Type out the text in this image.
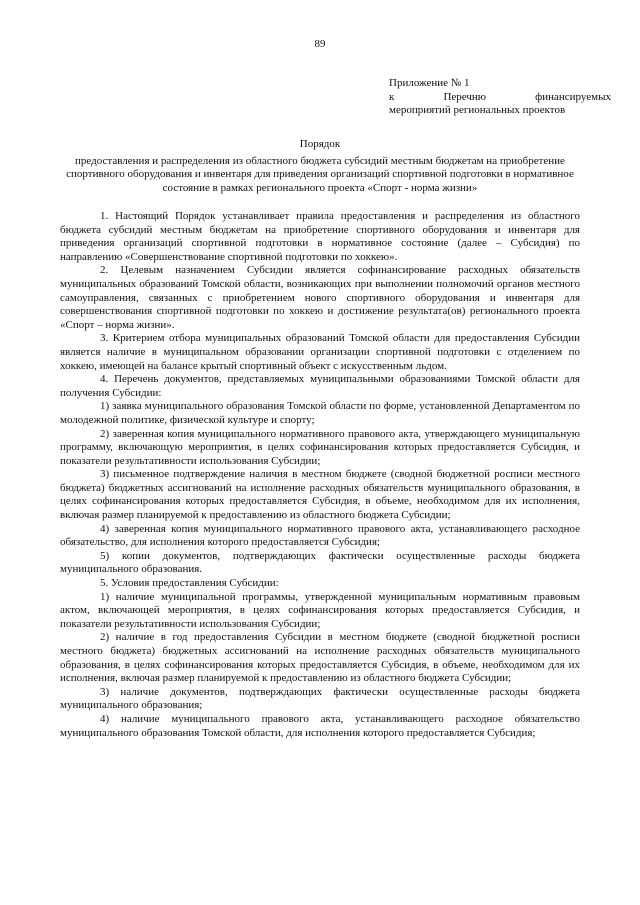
89
Приложение № 1
к	Перечню	финансируемых
мероприятий региональных проектов
Порядок
предоставления и распределения из областного бюджета субсидий местным бюджетам на приобретение спортивного оборудования и инвентаря для приведения организаций спортивной подготовки в нормативное состояние в рамках регионального проекта «Спорт - норма жизни»

1. Настоящий Порядок устанавливает правила предоставления и распределения из областного бюджета субсидий местным бюджетам на приобретение спортивного оборудования и инвентаря для приведения организаций спортивной подготовки в нормативное состояние (далее – Субсидия) по направлению «Совершенствование спортивной подготовки по хоккею».

2. Целевым назначением Субсидии является софинансирование расходных обязательств муниципальных образований Томской области, возникающих при выполнении полномочий органов местного самоуправления, связанных с приобретением нового спортивного оборудования и инвентаря для совершенствования спортивной подготовки по хоккею и достижение результата(ов) регионального проекта «Спорт – норма жизни».

3. Критерием отбора муниципальных образований Томской области для предоставления Субсидии является наличие в муниципальном образовании организации спортивной подготовки с отделением по хоккею, имеющей на балансе крытый спортивный объект с искусственным льдом.

4. Перечень документов, представляемых муниципальными образованиями Томской области для получения Субсидии:

1) заявка муниципального образования Томской области по форме, установленной Департаментом по молодежной политике, физической культуре и спорту;

2) заверенная копия муниципального нормативного правового акта, утверждающего муниципальную программу, включающую мероприятия, в целях софинансирования которых предоставляется Субсидия, и показатели результативности использования Субсидии;

3) письменное подтверждение наличия в местном бюджете (сводной бюджетной росписи местного бюджета) бюджетных ассигнований на исполнение расходных обязательств муниципального образования, в целях софинансирования которых предоставляется Субсидия, в объеме, необходимом для их исполнения, включая размер планируемой к предоставлению из областного бюджета Субсидии;

4) заверенная копия муниципального нормативного правового акта, устанавливающего расходное обязательство, для исполнения которого предоставляется Субсидия;

5) копии документов, подтверждающих фактически осуществленные расходы бюджета муниципального образования.

5. Условия предоставления Субсидии:

1) наличие муниципальной программы, утвержденной муниципальным нормативным правовым актом, включающей мероприятия, в целях софинансирования которых предоставляется Субсидия, и показатели результативности использования Субсидии;

2) наличие в год предоставления Субсидии в местном бюджете (сводной бюджетной росписи местного бюджета) бюджетных ассигнований на исполнение расходных обязательств муниципального образования, в целях софинансирования которых предоставляется Субсидия, в объеме, необходимом для их исполнения, включая размер планируемой к предоставлению из областного бюджета Субсидии;

3) наличие документов, подтверждающих фактически осуществленные расходы бюджета муниципального образования;

4) наличие муниципального правового акта, устанавливающего расходное обязательство муниципального образования Томской области, для исполнения которого предоставляется Субсидия;
